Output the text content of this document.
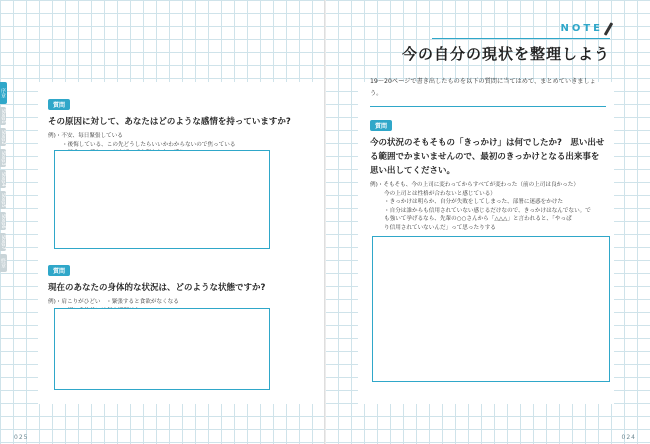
NOTE
今の自分の現状を整理しよう
序章
Step1
Step2
Step3
Step4
Step5
Step6
Step7
終章
質問
その原因に対して、あなたはどのような感情を持っていますか?
例)・不安、毎日緊張している
・後悔している、この先どうしたらいいかわからないので焦っている
質問
現在のあなたの身体的な状況は、どのような状態ですか?
例)・肩こりがひどい　・緊張すると食欲がなくなる
19〜20ページで書き出したものを以下の質問に当てはめて、まとめていきましょう。
質問
今の状況のそもそもの「きっかけ」は何でしたか?　思い出せる範囲でかまいませんので、最初のきっかけとなる出来事を思い出してください。
例)・そもそも、今の上司に変わってからすべてが変わった（前の上司は良かった）
今の上司とは性格が合わないと感じている）
・きっかけは明らか、自分が失敗をしてしまった、部署に迷惑をかけた
・自分は誰からも信用されていない感じるだけなので、きっかけはなんでない。で
も強いて挙げるなら、先輩の○○さんから「△△△」と言われると、「やっぱ
り信用されていないんだ」って思ったりする
025	024
